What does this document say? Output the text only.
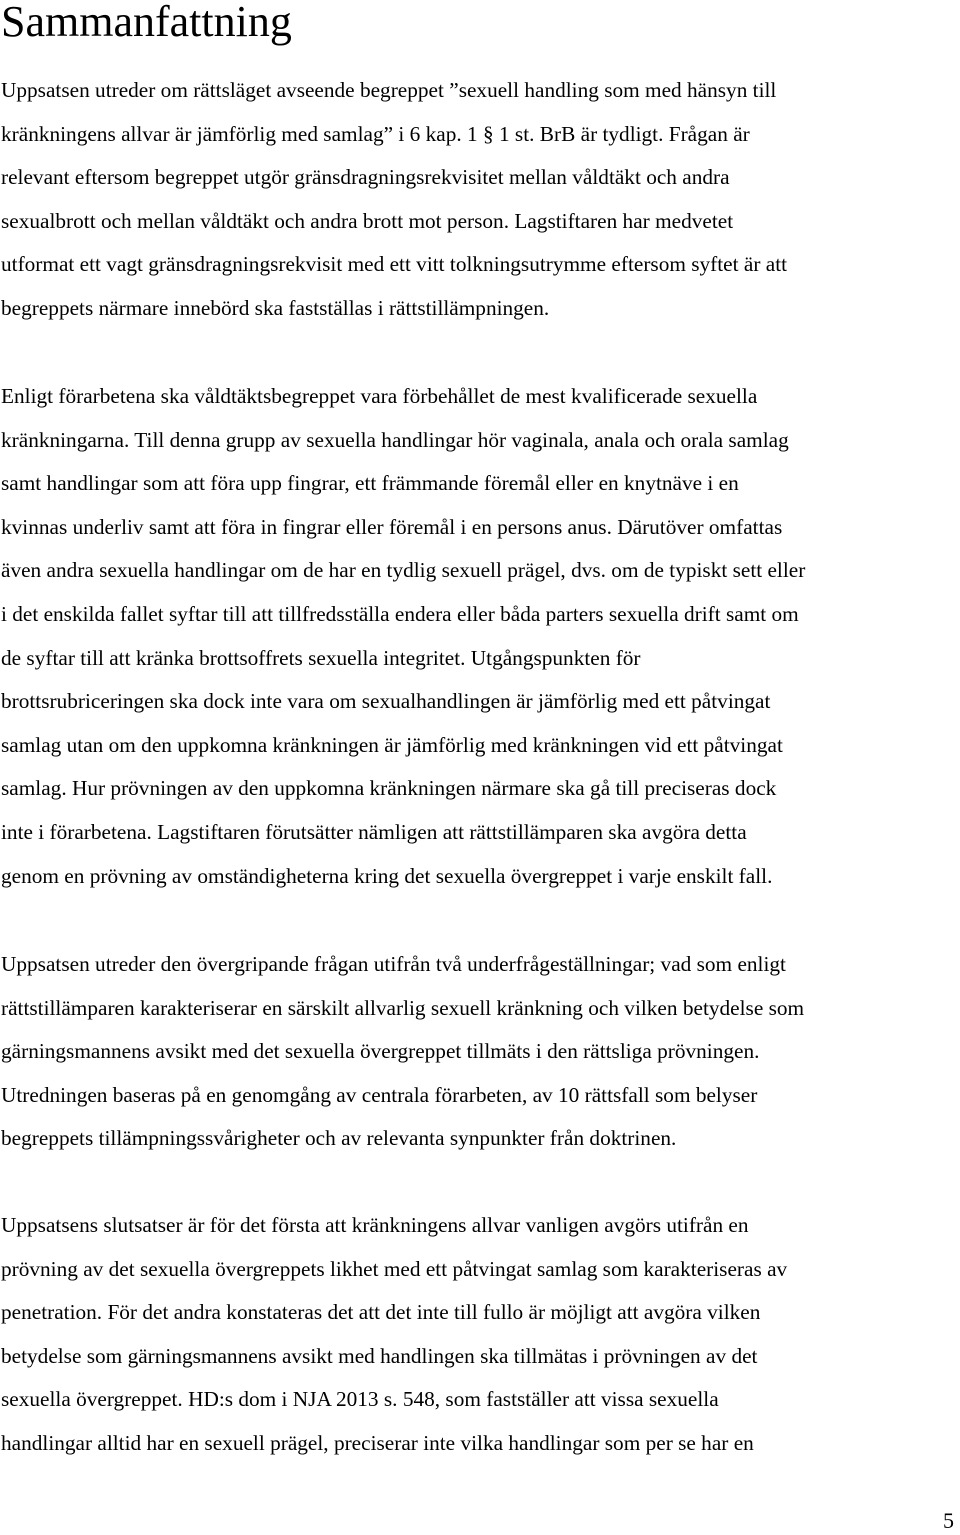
Sammanfattning

Uppsatsen utreder om rättsläget avseende begreppet ”sexuell handling som med hänsyn till
kränkningens allvar är jämförlig med samlag” i 6 kap. 1 § 1 st. BrB är tydligt. Frågan är
relevant eftersom begreppet utgör gränsdragningsrekvisitet mellan våldtäkt och andra
sexualbrott och mellan våldtäkt och andra brott mot person. Lagstiftaren har medvetet
utformat ett vagt gränsdragningsrekvisit med ett vitt tolkningsutrymme eftersom syftet är att
begreppets närmare innebörd ska fastställas i rättstillämpningen.

Enligt förarbetena ska våldtäktsbegreppet vara förbehållet de mest kvalificerade sexuella
kränkningarna. Till denna grupp av sexuella handlingar hör vaginala, anala och orala samlag
samt handlingar som att föra upp fingrar, ett främmande föremål eller en knytnäve i en
kvinnas underliv samt att föra in fingrar eller föremål i en persons anus. Därutöver omfattas
även andra sexuella handlingar om de har en tydlig sexuell prägel, dvs. om de typiskt sett eller
i det enskilda fallet syftar till att tillfredsställa endera eller båda parters sexuella drift samt om
de syftar till att kränka brottsoffrets sexuella integritet. Utgångspunkten för
brottsrubriceringen ska dock inte vara om sexualhandlingen är jämförlig med ett påtvingat
samlag utan om den uppkomna kränkningen är jämförlig med kränkningen vid ett påtvingat
samlag. Hur prövningen av den uppkomna kränkningen närmare ska gå till preciseras dock
inte i förarbetena. Lagstiftaren förutsätter nämligen att rättstillämparen ska avgöra detta
genom en prövning av omständigheterna kring det sexuella övergreppet i varje enskilt fall.

Uppsatsen utreder den övergripande frågan utifrån två underfrågeställningar; vad som enligt
rättstillämparen karakteriserar en särskilt allvarlig sexuell kränkning och vilken betydelse som
gärningsmannens avsikt med det sexuella övergreppet tillmäts i den rättsliga prövningen.
Utredningen baseras på en genomgång av centrala förarbeten, av 10 rättsfall som belyser
begreppets tillämpningssvårigheter och av relevanta synpunkter från doktrinen.

Uppsatsens slutsatser är för det första att kränkningens allvar vanligen avgörs utifrån en
prövning av det sexuella övergreppets likhet med ett påtvingat samlag som karakteriseras av
penetration. För det andra konstateras det att det inte till fullo är möjligt att avgöra vilken
betydelse som gärningsmannens avsikt med handlingen ska tillmätas i prövningen av det
sexuella övergreppet. HD:s dom i NJA 2013 s. 548, som fastställer att vissa sexuella
handlingar alltid har en sexuell prägel, preciserar inte vilka handlingar som per se har en

5
